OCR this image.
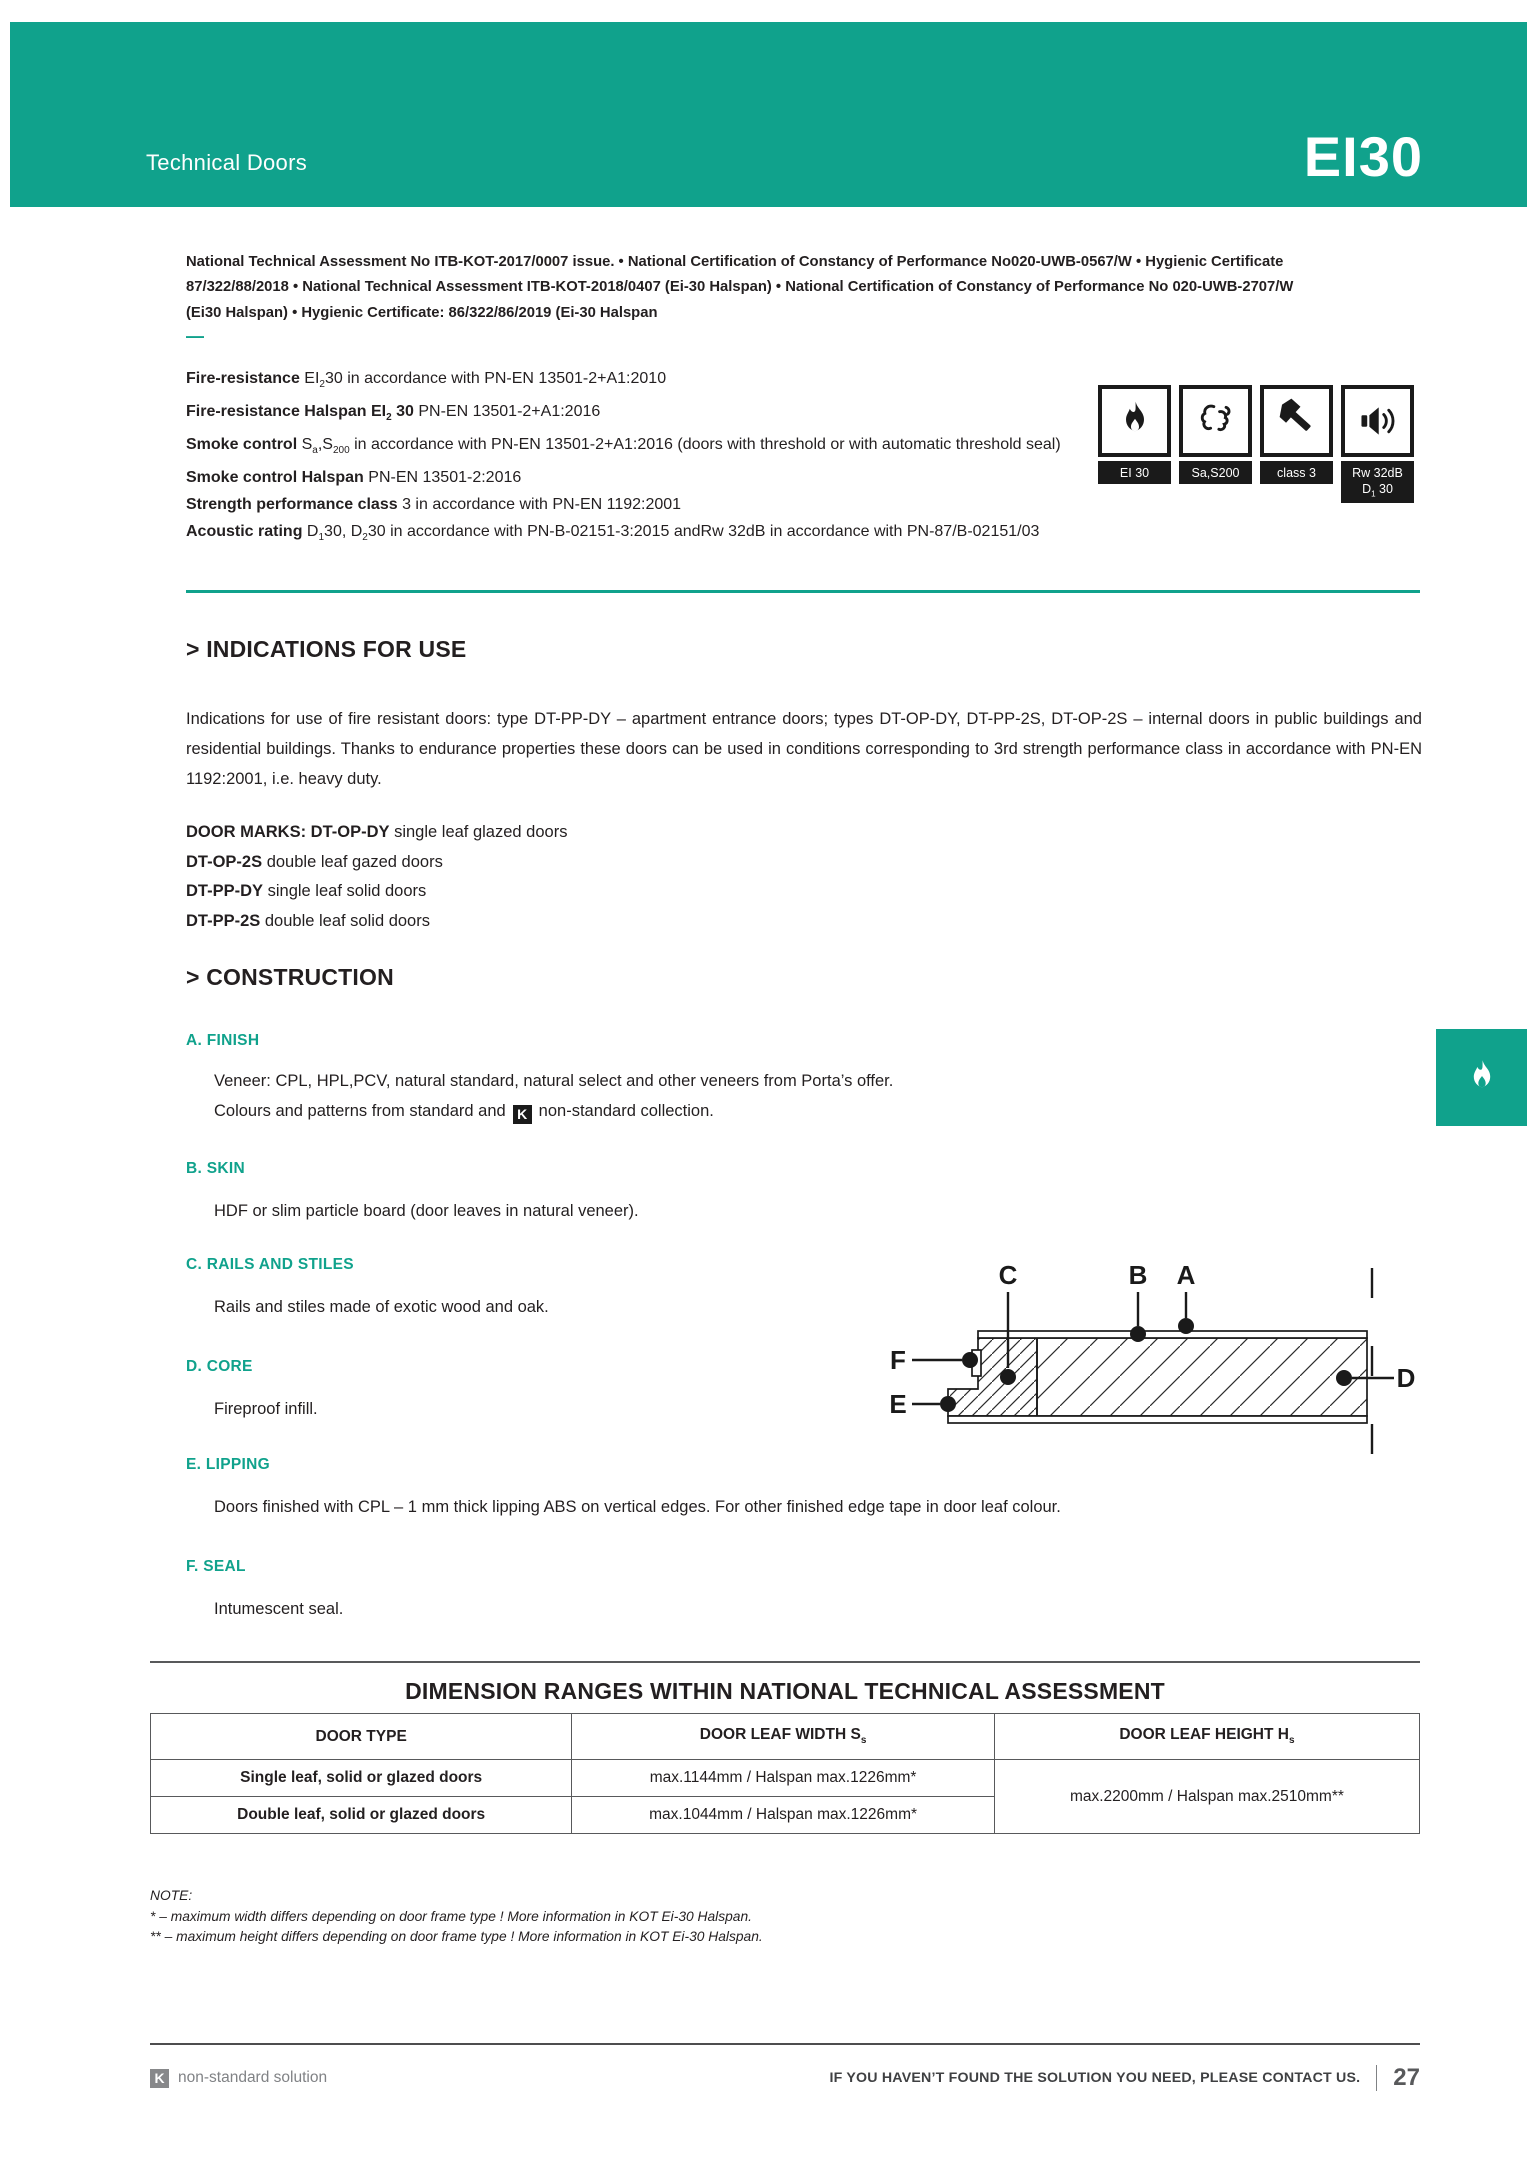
Technical Doors	EI30
National Technical Assessment No ITB-KOT-2017/0007 issue. • National Certification of Constancy of Performance No020-UWB-0567/W • Hygienic Certificate 87/322/88/2018 • National Technical Assessment ITB-KOT-2018/0407 (Ei-30 Halspan) • National Certification of Constancy of Performance No 020-UWB-2707/W (Ei30 Halspan) • Hygienic Certificate: 86/322/86/2019 (Ei-30 Halspan
—
Fire-resistance $EI_230$ in accordance with PN-EN 13501-2+A1:2010
Fire-resistance Halspan $EI_2$ 30 PN-EN 13501-2+A1:2016
Smoke control $S_a,S_{200}$ in accordance with PN-EN 13501-2+A1:2016 (doors with threshold or with automatic threshold seal)
Smoke control Halspan PN-EN 13501-2:2016
Strength performance class 3 in accordance with PN-EN 1192:2001
Acoustic rating $D_130$, $D_230$ in accordance with PN-B-02151-3:2015 andRw 32dB in accordance with PN-87/B-02151/03
EI 30	Sa,S200	class 3	Rw 32dB
$D_1$ 30
> INDICATIONS FOR USE
Indications for use of fire resistant doors: type DT-PP-DY – apartment entrance doors; types DT-OP-DY, DT-PP-2S, DT-OP-2S – internal doors in public buildings and residential buildings. Thanks to endurance properties these doors can be used in conditions corresponding to 3rd strength performance class in accordance with PN-EN 1192:2001, i.e. heavy duty.
DOOR MARKS: DT-OP-DY single leaf glazed doors
DT-OP-2S double leaf gazed doors
DT-PP-DY single leaf solid doors
DT-PP-2S double leaf solid doors
> CONSTRUCTION
A. FINISH
Veneer: CPL, HPL,PCV, natural standard, natural select and other veneers from Porta’s offer.
Colours and patterns from standard and K non-standard collection.
B. SKIN
HDF or slim particle board (door leaves in natural veneer).
C. RAILS AND STILES
Rails and stiles made of exotic wood and oak.
D. CORE
Fireproof infill.
E. LIPPING
Doors finished with CPL – 1 mm thick lipping ABS on vertical edges. For other finished edge tape in door leaf colour.
F. SEAL
Intumescent seal.
A
B
C
F
E
D
DIMENSION RANGES WITHIN NATIONAL TECHNICAL ASSESSMENT
DOOR TYPE	DOOR LEAF WIDTH $S_s$	DOOR LEAF HEIGHT $H_s$
Single leaf, solid or glazed doors	max.1144mm / Halspan max.1226mm*	max.2200mm / Halspan max.2510mm**
Double leaf, solid or glazed doors	max.1044mm / Halspan max.1226mm*	
NOTE:
* – maximum width differs depending on door frame type ! More information in KOT Ei-30 Halspan.
** – maximum height differs depending on door frame type ! More information in KOT Ei-30 Halspan.
K non-standard solution	IF YOU HAVEN’T FOUND THE SOLUTION YOU NEED, PLEASE CONTACT US. 27
